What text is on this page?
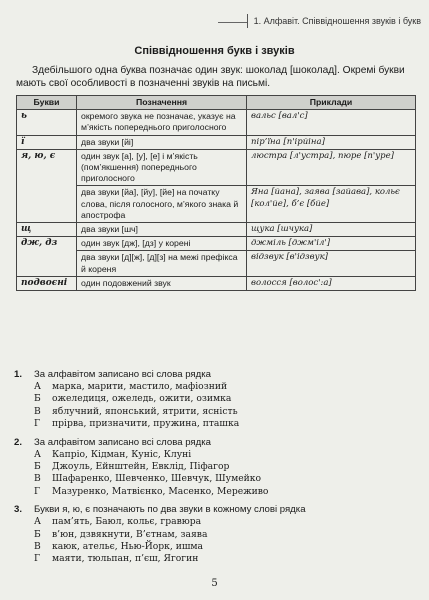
1. Алфавіт. Співвідношення звуків і букв
Співвідношення букв і звуків
Здебільшого одна буква позначає один звук: шоколад [шоколад]. Окремі букви мають свої особливості в позначенні звуків на письмі.
Букви	Позначення	Приклади
ь	окремого звука не позначає, указує на м’якість попереднього приголосного	вальс [вал'с]
ї	два звуки [йі]	пір’їна [п'ірйіна]
я, ю, є	один звук [а], [у], [е] і м’якість (пом’якшення) попереднього приголосного	люстра [л'устра], пюре [п'уре]
	два звуки [йа], [йу], [йе] на початку слова, після голосного, м’якого знака й апострофа	Яна [йана], заява [зайава], кольє [кол'йе], б’є [бйе]
щ	два звуки [шч]	щука [шчука]
дж, дз	один звук [дж], [дз] у корені	джміль [джм'іл']
	два звуки [д][ж], [д][з] на межі префікса й кореня	відзвук [в'ідзвук]
подвоєні	один подовжений звук	волосся [волос':а]
1.	За алфавітом записано всі слова рядка
А	марка, марити, мастило, мафіозний
Б	ожеледиця, ожеледь, ожити, озимка
В	яблучний, японський, ятрити, ясність
Г	прірва, призначити, пружина, пташка
2.	За алфавітом записано всі слова рядка
А	Капріо, Кідман, Куніс, Клуні
Б	Джоуль, Ейнштейн, Евклід, Піфагор
В	Шафаренко, Шевченко, Шевчук, Шумейко
Г	Мазуренко, Матвієнко, Масенко, Мереживо
3.	Букви я, ю, є позначають по два звуки в кожному слові рядка
А	пам’ять, Баюл, кольє, гравюра
Б	в’юн, дзвякнути, В’єтнам, заява
В	каюк, ательє, Нью-Йорк, ишма
Г	маяти, тюльпан, п’єш, Ягогин
5
